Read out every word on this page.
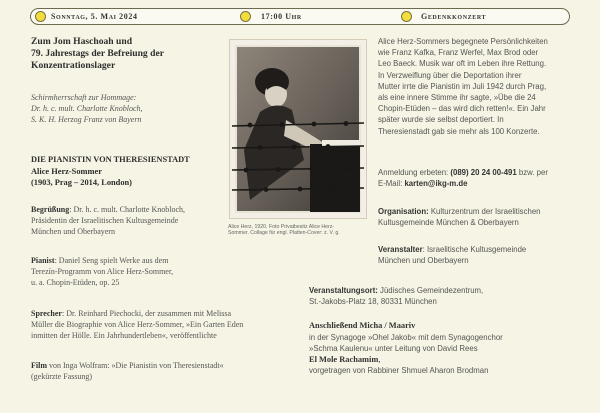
Sonntag, 5. Mai 2024	17:00 Uhr	Gedenkkonzert
Zum Jom Haschoah und
79. Jahrestags der Befreiung der
Konzentrationslager
Schirmherrschaft zur Hommage:
Dr. h. c. mult. Charlotte Knobloch,
S. K. H. Herzog Franz von Bayern
DIE PIANISTIN VON THERESIENSTADT
Alice Herz-Sommer
(1903, Prag – 2014, London)
Begrüßung: Dr. h. c. mult. Charlotte Knobloch,
Präsidentin der Israelitischen Kultusgemeinde
München und Oberbayern
Pianist: Daniel Seng spielt Werke aus dem
Terezín-Programm von Alice Herz-Sommer,
u. a. Chopin-Etüden, op. 25
Sprecher: Dr. Reinhard Piechocki, der zusammen mit Melissa
Müller die Biographie von Alice Herz-Sommer, »Ein Garten Eden
inmitten der Hölle. Ein Jahrhundertleben«, veröffentlichte
Film von Inga Wolfram: »Die Pianistin von Theresienstadt«
(gekürzte Fassung)
Alice Herz, 1920. Foto Privatbesitz Alice Herz-
Sommer. Collage für engl. Platten-Cover: z. V. g.
Alice Herz-Sommers begegnete Persönlichkeiten
wie Franz Kafka, Franz Werfel, Max Brod oder
Leo Baeck. Musik war oft im Leben ihre Rettung.
In Verzweiflung über die Deportation ihrer
Mutter irrte die Pianistin im Juli 1942 durch Prag,
als eine innere Stimme ihr sagte, »Übe die 24
Chopin-Etüden – das wird dich retten!«. Ein Jahr
später wurde sie selbst deportiert. In
Theresienstadt gab sie mehr als 100 Konzerte.
Anmeldung erbeten: (089) 20 24 00-491 bzw. per
E-Mail: karten@ikg-m.de
Organisation: Kulturzentrum der Israelitischen
Kultusgemeinde München & Oberbayern
Veranstalter: Israelitische Kultusgemeinde
München und Oberbayern
Veranstaltungsort: Jüdisches Gemeindezentrum,
St.-Jakobs-Platz 18, 80331 München
Anschließend Micha / Maariv
in der Synagoge »Ohel Jakob« mit dem Synagogenchor
»Schma Kaulenu« unter Leitung von David Rees
El Mole Rachamim,
vorgetragen von Rabbiner Shmuel Aharon Brodman
